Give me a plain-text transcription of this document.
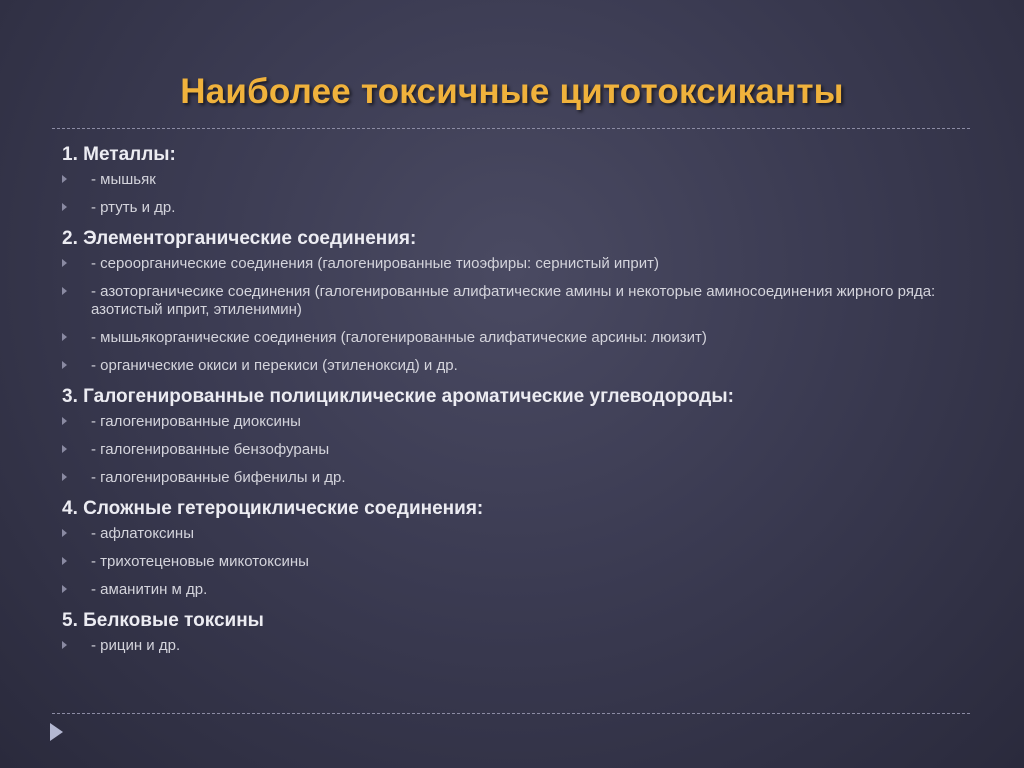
Наиболее токсичные цитотоксиканты
1. Металлы:
- мышьяк
- ртуть и др.
2. Элементорганические соединения:
- сероорганические соединения (галогенированные тиоэфиры: сернистый иприт)
- азоторганичесике соединения (галогенированные алифатические амины и некоторые аминосоединения жирного ряда: азотистый иприт, этиленимин)
- мышьякорганические соединения (галогенированные алифатические арсины: люизит)
- органические окиси и перекиси (этиленоксид) и др.
3. Галогенированные полициклические ароматические углеводороды:
- галогенированные диоксины
- галогенированные бензофураны
- галогенированные бифенилы и др.
4. Сложные гетероциклические соединения:
- афлатоксины
- трихотеценовые микотоксины
- аманитин м др.
5. Белковые токсины
- рицин и др.
